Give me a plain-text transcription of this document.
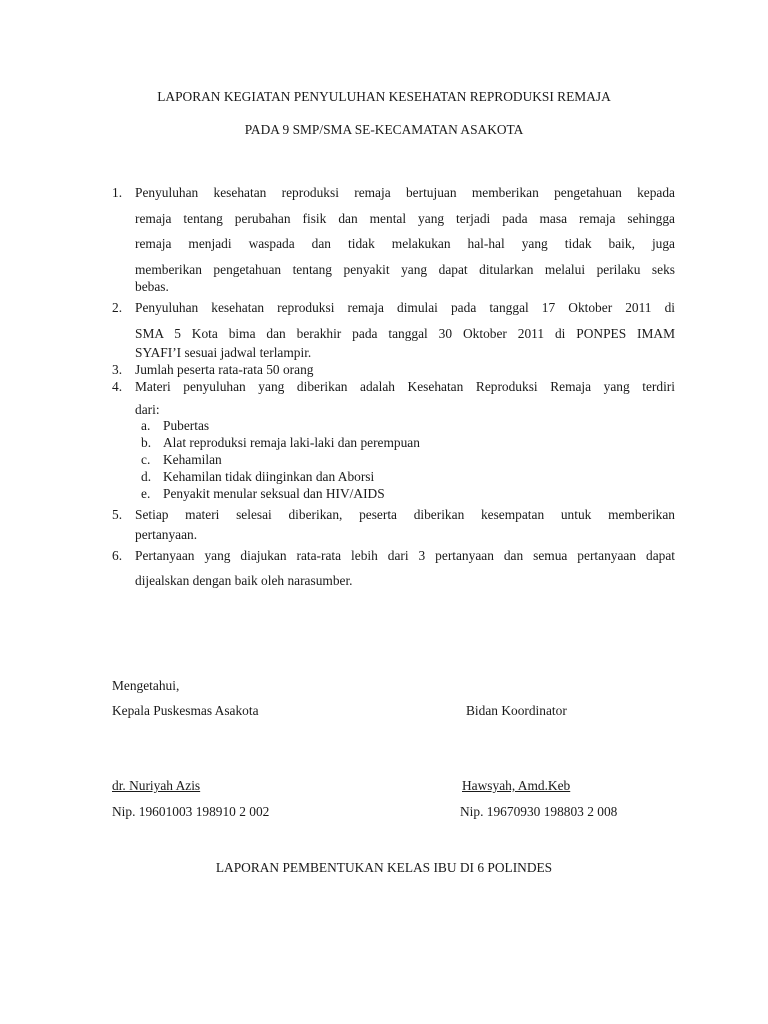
LAPORAN KEGIATAN PENYULUHAN KESEHATAN REPRODUKSI REMAJA
PADA 9 SMP/SMA SE-KECAMATAN ASAKOTA
1. Penyuluhan kesehatan reproduksi remaja bertujuan memberikan pengetahuan kepada
remaja tentang perubahan fisik dan mental yang terjadi pada masa remaja sehingga
remaja menjadi waspada dan tidak melakukan hal-hal yang tidak baik, juga
memberikan pengetahuan tentang penyakit yang dapat ditularkan melalui perilaku seks
bebas.
2. Penyuluhan kesehatan reproduksi remaja dimulai pada tanggal 17 Oktober 2011 di
SMA 5 Kota bima dan berakhir pada tanggal 30 Oktober 2011 di PONPES IMAM
SYAFI’I sesuai jadwal terlampir.
3. Jumlah peserta rata-rata 50 orang
4. Materi penyuluhan yang diberikan adalah Kesehatan Reproduksi Remaja yang terdiri
dari:
a. Pubertas
b. Alat reproduksi remaja laki-laki dan perempuan
c. Kehamilan
d. Kehamilan tidak diinginkan dan Aborsi
e. Penyakit menular seksual dan HIV/AIDS
5. Setiap materi selesai diberikan, peserta diberikan kesempatan untuk memberikan
pertanyaan.
6. Pertanyaan yang diajukan rata-rata lebih dari 3 pertanyaan dan semua pertanyaan dapat
dijealskan dengan baik oleh narasumber.
Mengetahui,
Kepala Puskesmas Asakota	Bidan Koordinator
dr. Nuriyah Azis	Hawsyah, Amd.Keb
Nip. 19601003 198910 2 002	Nip. 19670930 198803 2 008
LAPORAN PEMBENTUKAN KELAS IBU DI 6 POLINDES
